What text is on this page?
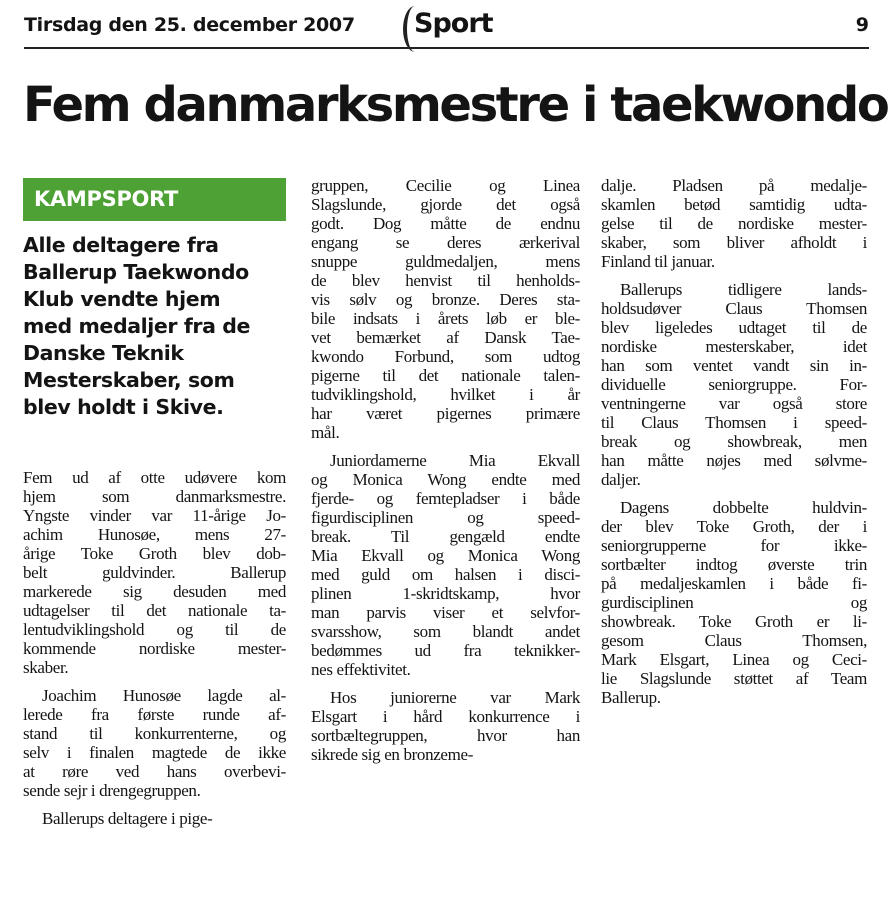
Tirsdag den 25. december 2007 Sport	9
Fem danmarksmestre i taekwondo
KAMPSPORT
Alle deltagere fra
Ballerup Taekwondo
Klub vendte hjem
med medaljer fra de
Danske Teknik
Mesterskaber, som
blev holdt i Skive.
Fem ud af otte udøvere kom
hjem som danmarksmestre.
Yngste vinder var 11-årige Jo-
achim Hunosøe, mens 27-
årige Toke Groth blev dob-
belt guldvinder. Ballerup
markerede sig desuden med
udtagelser til det nationale ta-
lentudviklingshold og til de
kommende nordiske mester-
skaber.
Joachim Hunosøe lagde al-
lerede fra første runde af-
stand til konkurrenterne, og
selv i finalen magtede de ikke
at røre ved hans overbevi-
sende sejr i drengegruppen.
Ballerups deltagere i pige-
gruppen, Cecilie og Linea
Slagslunde, gjorde det også
godt. Dog måtte de endnu
engang se deres ærkerival
snuppe guldmedaljen, mens
de blev henvist til henholds-
vis sølv og bronze. Deres sta-
bile indsats i årets løb er ble-
vet bemærket af Dansk Tae-
kwondo Forbund, som udtog
pigerne til det nationale talen-
tudviklingshold, hvilket i år
har været pigernes primære
mål.
Juniordamerne Mia Ekvall
og Monica Wong endte med
fjerde- og femtepladser i både
figurdisciplinen og speed-
break. Til gengæld endte
Mia Ekvall og Monica Wong
med guld om halsen i disci-
plinen 1-skridtskamp, hvor
man parvis viser et selvfor-
svarsshow, som blandt andet
bedømmes ud fra teknikker-
nes effektivitet.
Hos juniorerne var Mark
Elsgart i hård konkurrence i
sortbæltegruppen, hvor han
sikrede sig en bronzeme-
dalje. Pladsen på medalje-
skamlen betød samtidig udta-
gelse til de nordiske mester-
skaber, som bliver afholdt i
Finland til januar.
Ballerups tidligere lands-
holdsudøver Claus Thomsen
blev ligeledes udtaget til de
nordiske mesterskaber, idet
han som ventet vandt sin in-
dividuelle seniorgruppe. For-
ventningerne var også store
til Claus Thomsen i speed-
break og showbreak, men
han måtte nøjes med sølvme-
daljer.
Dagens dobbelte huldvin-
der blev Toke Groth, der i
seniorgrupperne for ikke-
sortbælter indtog øverste trin
på medaljeskamlen i både fi-
gurdisciplinen og
showbreak. Toke Groth er li-
gesom Claus Thomsen,
Mark Elsgart, Linea og Ceci-
lie Slagslunde støttet af Team
Ballerup.
